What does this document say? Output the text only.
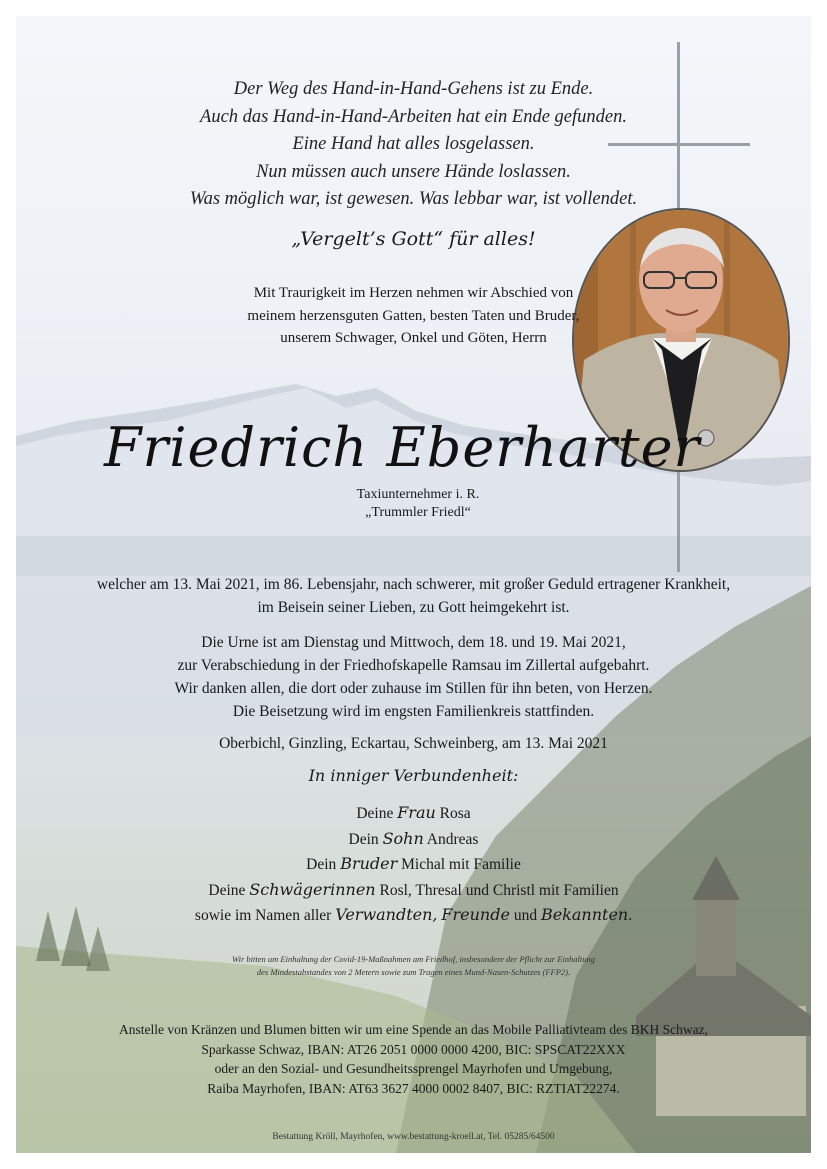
Der Weg des Hand-in-Hand-Gehens ist zu Ende.
Auch das Hand-in-Hand-Arbeiten hat ein Ende gefunden.
Eine Hand hat alles losgelassen.
Nun müssen auch unsere Hände loslassen.
Was möglich war, ist gewesen. Was lebbar war, ist vollendet.
„Vergelt’s Gott“ für alles!
Mit Traurigkeit im Herzen nehmen wir Abschied von
meinem herzensguten Gatten, besten Taten und Bruder,
unserem Schwager, Onkel und Göten, Herrn
Friedrich Eberharter
Taxiunternehmer i. R.
„Trummler Friedl“
welcher am 13. Mai 2021, im 86. Lebensjahr, nach schwerer, mit großer Geduld ertragener Krankheit,
im Beisein seiner Lieben, zu Gott heimgekehrt ist.
Die Urne ist am Dienstag und Mittwoch, dem 18. und 19. Mai 2021,
zur Verabschiedung in der Friedhofskapelle Ramsau im Zillertal aufgebahrt.
Wir danken allen, die dort oder zuhause im Stillen für ihn beten, von Herzen.
Die Beisetzung wird im engsten Familienkreis stattfinden.
Oberbichl, Ginzling, Eckartau, Schweinberg, am 13. Mai 2021
In inniger Verbundenheit:
Deine Frau Rosa
Dein Sohn Andreas
Dein Bruder Michal mit Familie
Deine Schwägerinnen Rosl, Thresal und Christl mit Familien
sowie im Namen aller Verwandten, Freunde und Bekannten.
Wir bitten um Einhaltung der Covid-19-Maßnahmen am Friedhof, insbesondere der Pflicht zur Einhaltung
des Mindestabstandes von 2 Metern sowie zum Tragen eines Mund-Nasen-Schutzes (FFP2).
Anstelle von Kränzen und Blumen bitten wir um eine Spende an das Mobile Palliativteam des BKH Schwaz,
Sparkasse Schwaz, IBAN: AT26 2051 0000 0000 4200, BIC: SPSCAT22XXX
oder an den Sozial- und Gesundheitssprengel Mayrhofen und Umgebung,
Raiba Mayrhofen, IBAN: AT63 3627 4000 0002 8407, BIC: RZTIAT22274.
Bestattung Kröll, Mayrhofen, www.bestattung-kroell.at, Tel. 05285/64500
